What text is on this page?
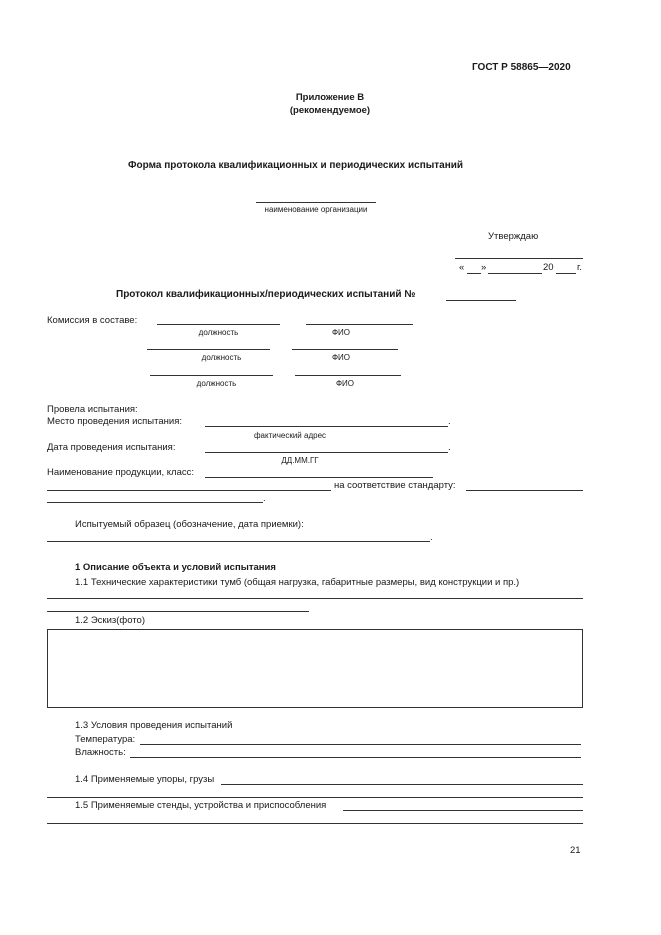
ГОСТ Р 58865—2020
Приложение В
(рекомендуемое)
Форма протокола квалификационных и периодических испытаний
наименование организации
Утверждаю
« »	20 г.
Протокол квалификационных/периодических испытаний №
Комиссия в составе:
должность	ФИО
должность	ФИО
должность	ФИО
Провела испытания:
Место проведения испытания:	.
фактический адрес
Дата проведения испытания:	.
ДД.ММ.ГГ
Наименование продукции, класс:
на соответствие стандарту:
.
Испытуемый образец (обозначение, дата приемки):
.
1 Описание объекта и условий испытания
1.1 Технические характеристики тумб (общая нагрузка, габаритные размеры, вид конструкции и пр.)
1.2 Эскиз(фото)
1.3 Условия проведения испытаний
Температура:
Влажность:
1.4 Применяемые упоры, грузы
1.5 Применяемые стенды, устройства и приспособления
21
